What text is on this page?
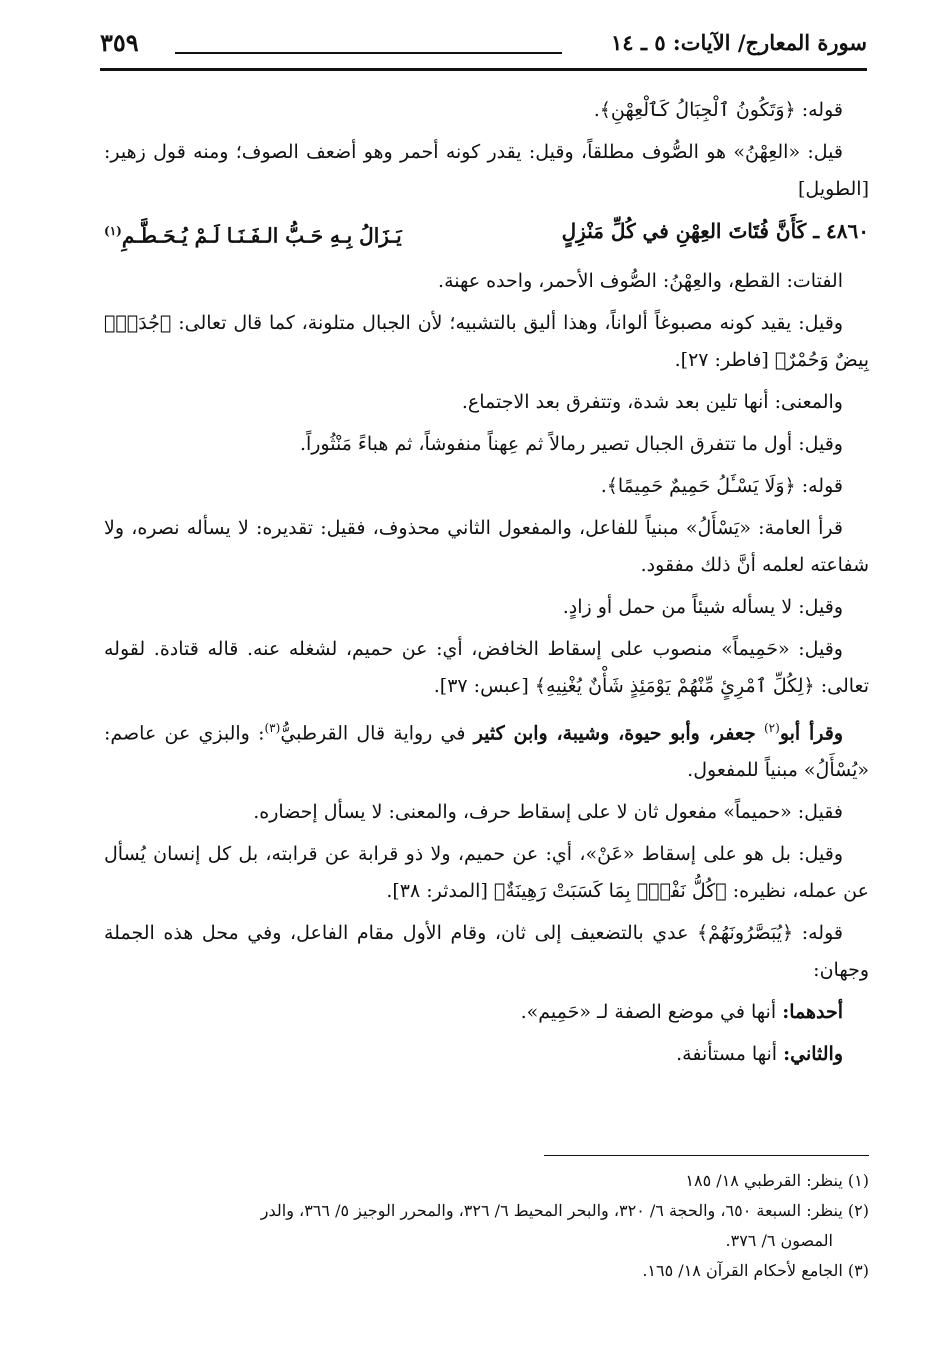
سورة المعارج/ الآيات: ٥ ـ ١٤
٣٥٩

قوله: ﴿وَتَكُونُ ٱلْجِبَالُ كَٱلْعِهْنِ﴾.

قيل: «العِهْنُ» هو الصُّوف مطلقاً، وقيل: يقدر كونه أحمر وهو أضعف الصوف؛ ومنه قول زهير: [الطويل]

٤٨٦٠ ـ كَأَنَّ فُتَاتَ العِهْنِ في كُلِّ مَنْزِلٍ
يَـزَالُ بِـهِ حَـبُّ الـفَـنَـا لَـمْ يُـحَـطَّـمِ$^{(١)}$

الفتات: القطع، والعِهْنُ: الصُّوف الأحمر، واحده عهنة.

وقيل: يقيد كونه مصبوغاً ألواناً، وهذا أليق بالتشبيه؛ لأن الجبال متلونة، كما قال تعالى: ﴿جُدَدٌۢ بِيضٌ وَحُمْرٌ﴾ [فاطر: ٢٧].

والمعنى: أنها تلين بعد شدة، وتتفرق بعد الاجتماع.

وقيل: أول ما تتفرق الجبال تصير رمالاً ثم عِهناً منفوشاً، ثم هباءً مَنْثُوراً.

قوله: ﴿وَلَا يَسْـَٔلُ حَمِيمٌ حَمِيمًا﴾.

قرأ العامة: «يَسْأَلُ» مبنياً للفاعل، والمفعول الثاني محذوف، فقيل: تقديره: لا يسأله نصره، ولا شفاعته لعلمه أنَّ ذلك مفقود.

وقيل: لا يسأله شيئاً من حمل أو زادٍ.

وقيل: «حَمِيماً» منصوب على إسقاط الخافض، أي: عن حميم، لشغله عنه. قاله قتادة. لقوله تعالى: ﴿لِكُلِّ ٱمْرِئٍ مِّنْهُمْ يَوْمَئِذٍ شَأْنٌ يُغْنِيهِ﴾ [عبس: ٣٧].

وقرأ أبو$^{(٢)}$ جعفر، وأبو حيوة، وشيبة، وابن كثير في رواية قال القرطبيُّ$^{(٣)}$: والبزي عن عاصم: «يُسْأَلُ» مبنياً للمفعول.

فقيل: «حميماً» مفعول ثان لا على إسقاط حرف، والمعنى: لا يسأل إحضاره.

وقيل: بل هو على إسقاط «عَنْ»، أي: عن حميم، ولا ذو قرابة عن قرابته، بل كل إنسان يُسأل عن عمله، نظيره: ﴿كُلُّ نَفْسٍۭ بِمَا كَسَبَتْ رَهِينَةٌ﴾ [المدثر: ٣٨].

قوله: ﴿يُبَصَّرُونَهُمْ﴾ عدي بالتضعيف إلى ثان، وقام الأول مقام الفاعل، وفي محل هذه الجملة وجهان:

أحدهما: أنها في موضع الصفة لـ «حَمِيم».

والثاني: أنها مستأنفة.

(١) ينظر: القرطبي ١٨/ ١٨٥

(٢) ينظر: السبعة ٦٥٠، والحجة ٦/ ٣٢٠، والبحر المحيط ٦/ ٣٢٦، والمحرر الوجيز ٥/ ٣٦٦، والدر

المصون ٦/ ٣٧٦.

(٣) الجامع لأحكام القرآن ١٨/ ١٦٥.
